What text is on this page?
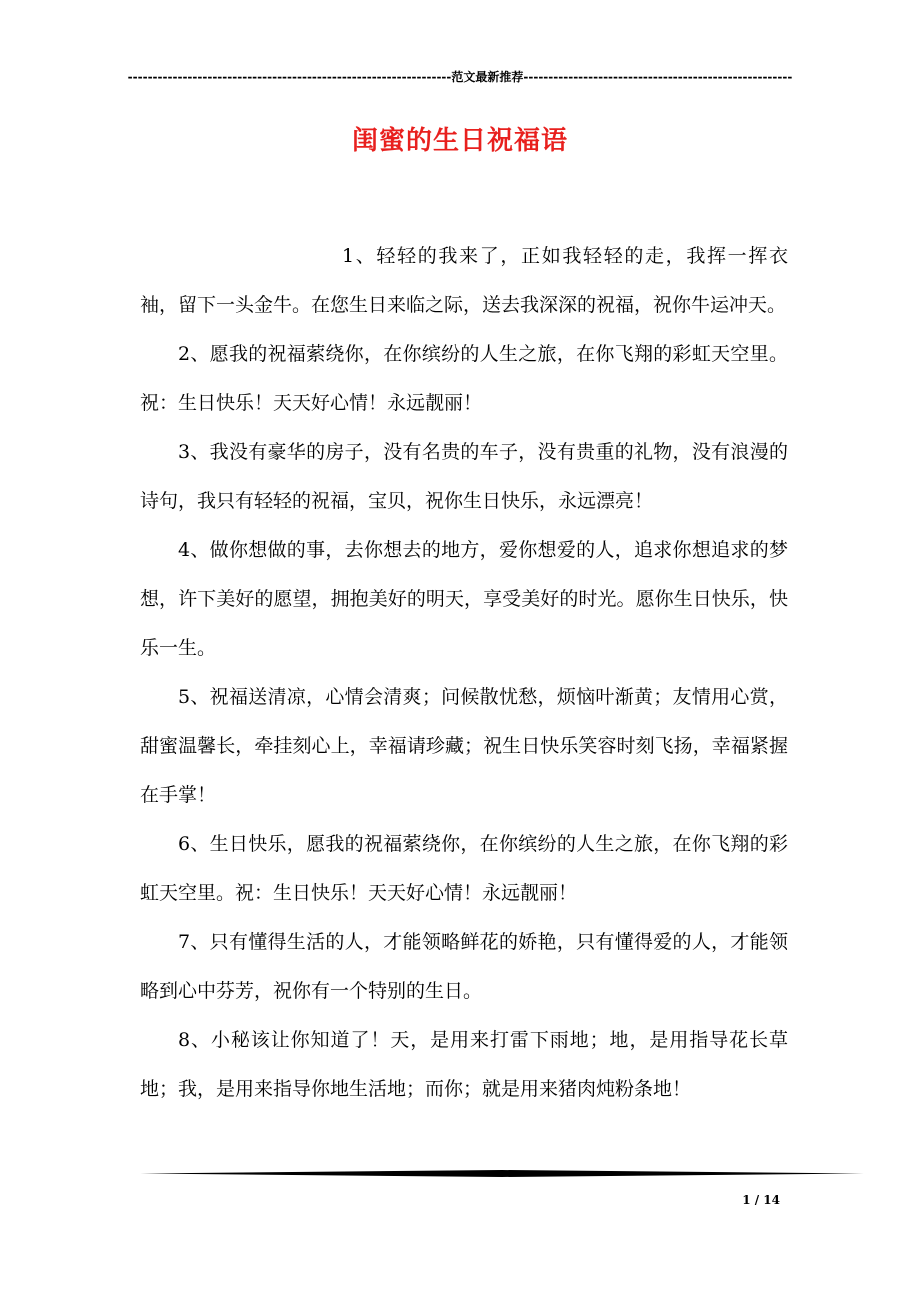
-----------------------------------------------------------------范文最新推荐------------------------------------------------------
闺蜜的生日祝福语

1、轻轻的我来了，正如我轻轻的走，我挥一挥衣袖，留下一头金牛。在您生日来临之际，送去我深深的祝福，祝你牛运冲天。

2、愿我的祝福萦绕你，在你缤纷的人生之旅，在你飞翔的彩虹天空里。祝：生日快乐！天天好心情！永远靓丽！

3、我没有豪华的房子，没有名贵的车子，没有贵重的礼物，没有浪漫的诗句，我只有轻轻的祝福，宝贝，祝你生日快乐，永远漂亮！

4、做你想做的事，去你想去的地方，爱你想爱的人，追求你想追求的梦想，许下美好的愿望，拥抱美好的明天，享受美好的时光。愿你生日快乐，快乐一生。

5、祝福送清凉，心情会清爽；问候散忧愁，烦恼叶渐黄；友情用心赏，甜蜜温馨长，牵挂刻心上，幸福请珍藏；祝生日快乐笑容时刻飞扬，幸福紧握在手掌！

6、生日快乐，愿我的祝福萦绕你，在你缤纷的人生之旅，在你飞翔的彩虹天空里。祝：生日快乐！天天好心情！永远靓丽！

7、只有懂得生活的人，才能领略鲜花的娇艳，只有懂得爱的人，才能领略到心中芬芳，祝你有一个特别的生日。

8、小秘该让你知道了！天，是用来打雷下雨地；地，是用指导花长草地；我，是用来指导你地生活地；而你；就是用来猪肉炖粉条地！

1 / 14
